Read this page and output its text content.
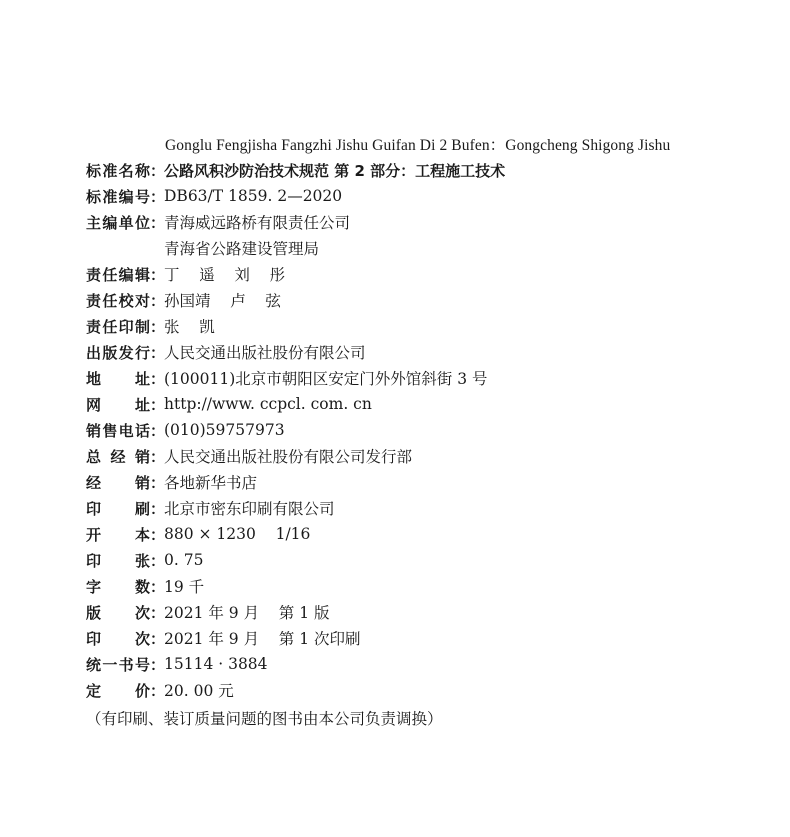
Gonglu Fengjisha Fangzhi Jishu Guifan Di 2 Bufen：Gongcheng Shigong Jishu
标准名称 ：
公路风积沙防治技术规范 第 2 部分：工程施工技术
标准编号 ：
DB63/T 1859. 2—2020
主编单位 ：
青海威远路桥有限责任公司
青海省公路建设管理局
责任编辑 ：
丁    遥    刘    彤
责任校对 ：
孙国靖    卢    弦
责任印制 ：
张    凯
出版发行 ：
人民交通出版社股份有限公司
地址 ：
(100011)北京市朝阳区安定门外外馆斜街 3 号
网址 ：
http://www. ccpcl. com. cn
销售电话 ：
(010)59757973
总经销 ：
人民交通出版社股份有限公司发行部
经销 ：
各地新华书店
印刷 ：
北京市密东印刷有限公司
开本 ：
880 × 1230    1/16
印张 ：
0. 75
字数 ：
19 千
版次 ：
2021 年 9 月    第 1 版
印次 ：
2021 年 9 月    第 1 次印刷
统一书号 ：
15114 · 3884
定价 ：
20. 00 元
（有印刷、装订质量问题的图书由本公司负责调换）
